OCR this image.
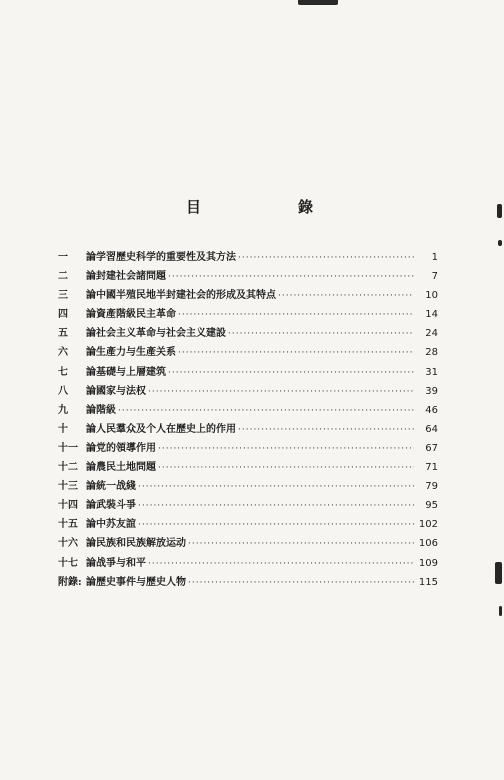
目	錄
一	論学習歷史科学的重要性及其方法 ·····	1
二	論封建社会諸問題 ·····	7
三	論中國半殖民地半封建社会的形成及其特点 ·····	10
四	論資產階級民主革命 ·····	14
五	論社会主义革命与社会主义建設 ·····	24
六	論生產力与生產关系 ·····	28
七	論基礎与上層建筑 ·····	31
八	論國家与法权 ·····	39
九	論階級 ·····	46
十	論人民羣众及个人在歷史上的作用 ·····	64
十一 論党的領導作用 ·····	67
十二 論農民土地問題 ·····	71
十三 論統一战綫 ·····	79
十四 論武裝斗爭 ·····	95
十五 論中苏友誼 ·····	102
十六 論民族和民族解放运动 ·····	106
十七 論战爭与和平 ·····	109
附錄: 論歷史事件与歷史人物 ·····	115
